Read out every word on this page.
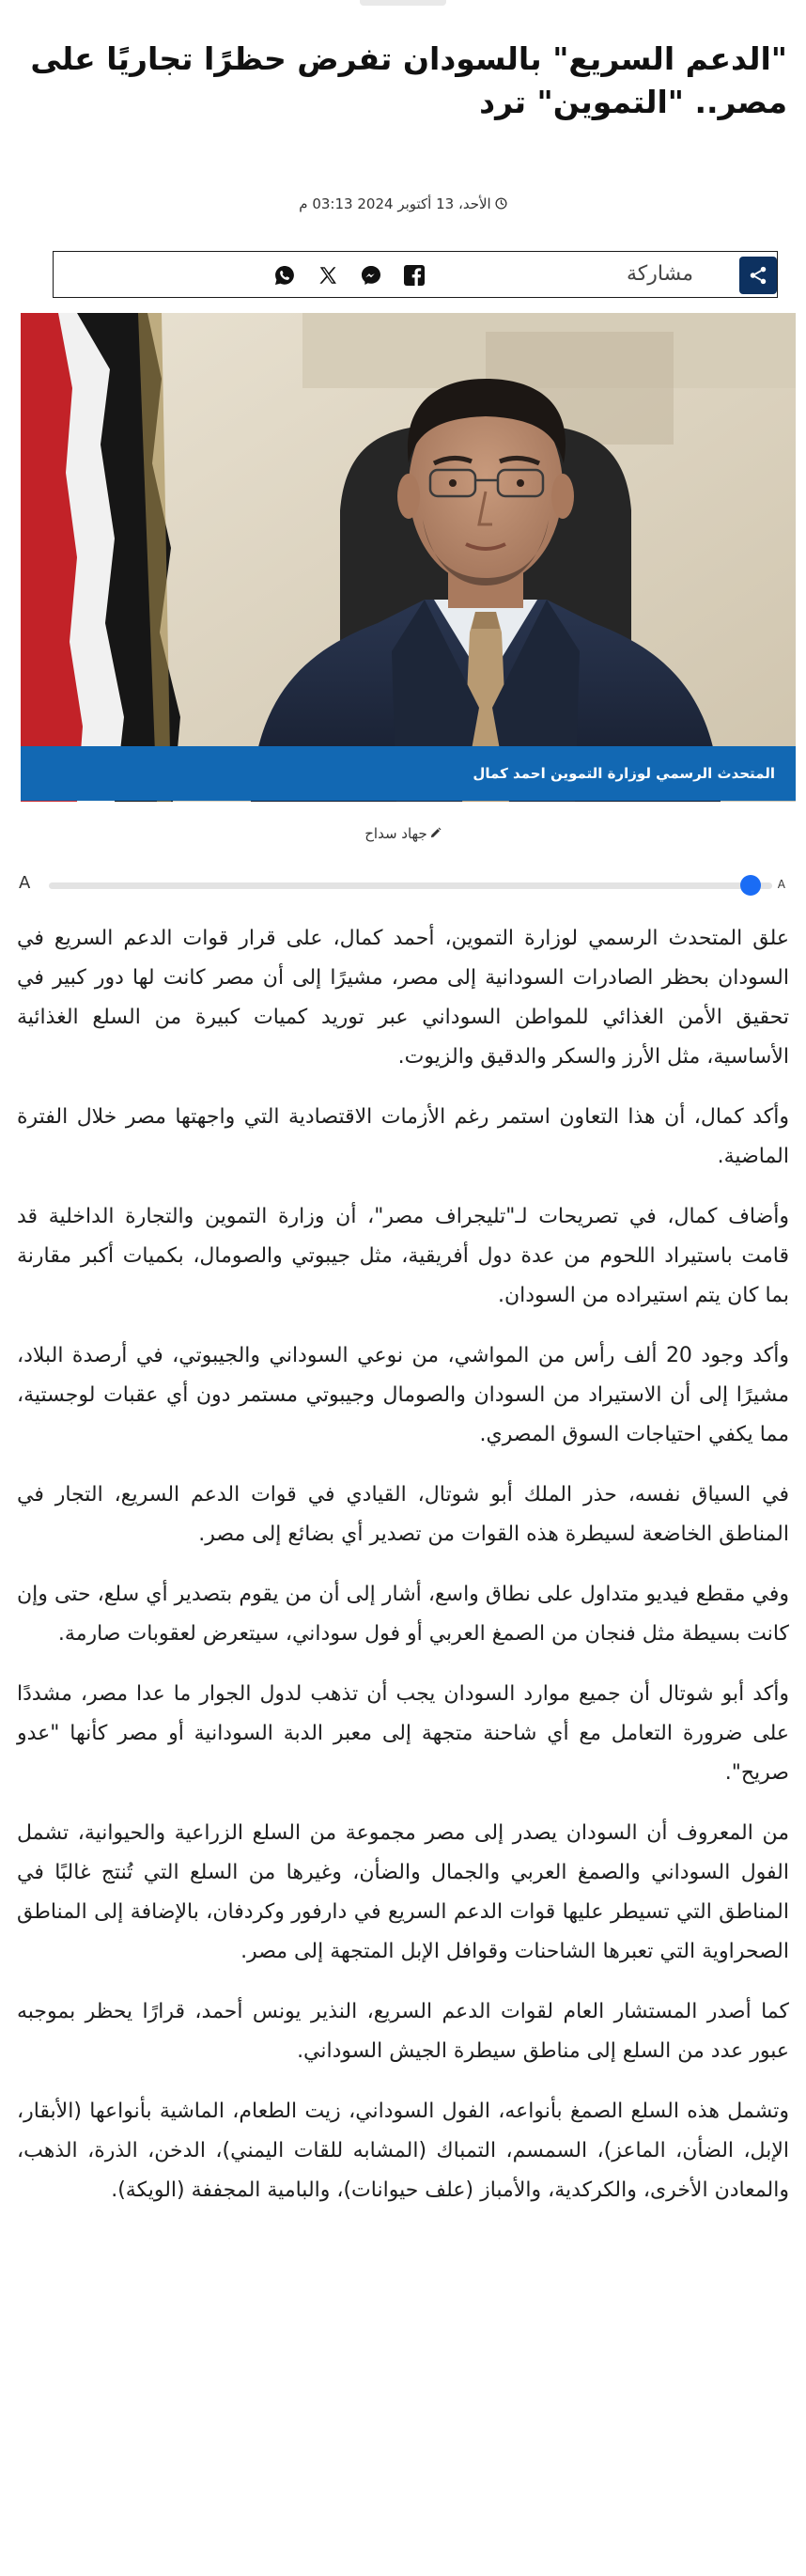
"الدعم السريع" بالسودان تفرض حظرًا تجاريًا على مصر.. "التموين" ترد
الأحد، 13 أكتوبر 2024 03:13 م
مشاركة
المتحدث الرسمي لوزارة التموين احمد كمال
جهاد سداح
A	A

علق المتحدث الرسمي لوزارة التموين، أحمد كمال، على قرار قوات الدعم السريع في السودان بحظر الصادرات السودانية إلى مصر، مشيرًا إلى أن مصر كانت لها دور كبير في تحقيق الأمن الغذائي للمواطن السوداني عبر توريد كميات كبيرة من السلع الغذائية الأساسية، مثل الأرز والسكر والدقيق والزيوت.

وأكد كمال، أن هذا التعاون استمر رغم الأزمات الاقتصادية التي واجهتها مصر خلال الفترة الماضية.

وأضاف كمال، في تصريحات لـ"تليجراف مصر"، أن وزارة التموين والتجارة الداخلية قد قامت باستيراد اللحوم من عدة دول أفريقية، مثل جيبوتي والصومال، بكميات أكبر مقارنة بما كان يتم استيراده من السودان.

وأكد وجود 20 ألف رأس من المواشي، من نوعي السوداني والجيبوتي، في أرصدة البلاد، مشيرًا إلى أن الاستيراد من السودان والصومال وجيبوتي مستمر دون أي عقبات لوجستية، مما يكفي احتياجات السوق المصري.

في السياق نفسه، حذر الملك أبو شوتال، القيادي في قوات الدعم السريع، التجار في المناطق الخاضعة لسيطرة هذه القوات من تصدير أي بضائع إلى مصر.

وفي مقطع فيديو متداول على نطاق واسع، أشار إلى أن من يقوم بتصدير أي سلع، حتى وإن كانت بسيطة مثل فنجان من الصمغ العربي أو فول سوداني، سيتعرض لعقوبات صارمة.

وأكد أبو شوتال أن جميع موارد السودان يجب أن تذهب لدول الجوار ما عدا مصر، مشددًا على ضرورة التعامل مع أي شاحنة متجهة إلى معبر الدبة السودانية أو مصر كأنها "عدو صريح".

من المعروف أن السودان يصدر إلى مصر مجموعة من السلع الزراعية والحيوانية، تشمل الفول السوداني والصمغ العربي والجمال والضأن، وغيرها من السلع التي تُنتج غالبًا في المناطق التي تسيطر عليها قوات الدعم السريع في دارفور وكردفان، بالإضافة إلى المناطق الصحراوية التي تعبرها الشاحنات وقوافل الإبل المتجهة إلى مصر.

كما أصدر المستشار العام لقوات الدعم السريع، النذير يونس أحمد، قرارًا يحظر بموجبه عبور عدد من السلع إلى مناطق سيطرة الجيش السوداني.

وتشمل هذه السلع الصمغ بأنواعه، الفول السوداني، زيت الطعام، الماشية بأنواعها (الأبقار، الإبل، الضأن، الماعز)، السمسم، التمباك (المشابه للقات اليمني)، الدخن، الذرة، الذهب، والمعادن الأخرى، والكركدية، والأمباز (علف حيوانات)، والبامية المجففة (الويكة).
